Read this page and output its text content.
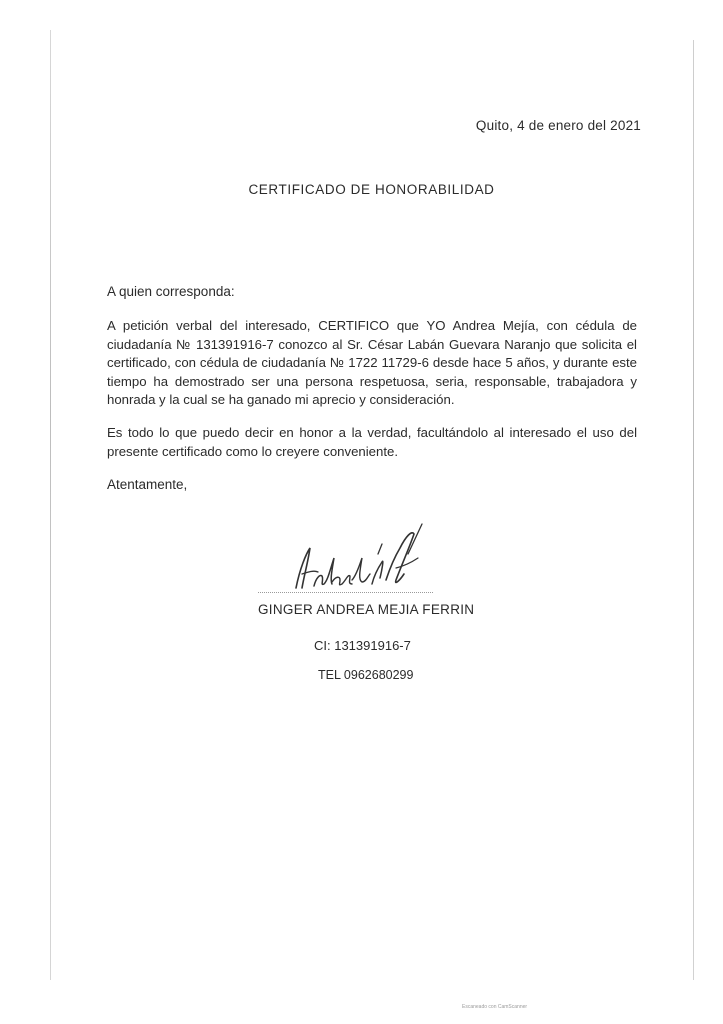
Quito, 4 de enero del 2021
CERTIFICADO DE HONORABILIDAD
A quien corresponda:
A petición verbal del interesado, CERTIFICO que YO Andrea Mejía, con cédula de ciudadanía № 131391916-7 conozco al Sr. César Labán Guevara Naranjo que solicita el certificado, con cédula de ciudadanía № 1722 11729-6 desde hace 5 años, y durante este tiempo ha demostrado ser una persona respetuosa, seria, responsable, trabajadora y honrada y la cual se ha ganado mi aprecio y consideración.
Es todo lo que puedo decir en honor a la verdad, facultándolo al interesado el uso del presente certificado como lo creyere conveniente.
Atentamente,
GINGER ANDREA MEJIA FERRIN
CI: 131391916-7
TEL 0962680299
Escaneado con CamScanner
